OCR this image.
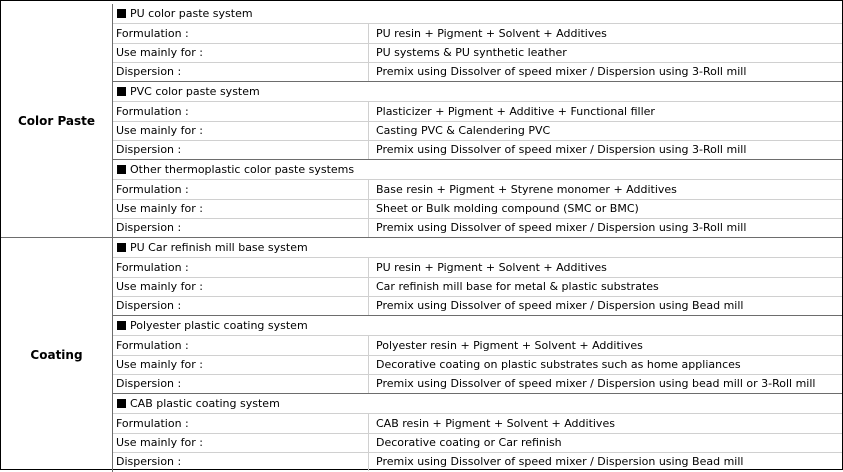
Color Paste
PU color paste system
Formulation :	PU resin + Pigment + Solvent + Additives
Use mainly for :	PU systems & PU synthetic leather
Dispersion :	Premix using Dissolver of speed mixer / Dispersion using 3-Roll mill
PVC color paste system
Formulation :	Plasticizer + Pigment + Additive + Functional filler
Use mainly for :	Casting PVC & Calendering PVC
Dispersion :	Premix using Dissolver of speed mixer / Dispersion using 3-Roll mill
Other thermoplastic color paste systems
Formulation :	Base resin + Pigment + Styrene monomer + Additives
Use mainly for :	Sheet or Bulk molding compound (SMC or BMC)
Dispersion :	Premix using Dissolver of speed mixer / Dispersion using 3-Roll mill
Coating
PU Car refinish mill base system
Formulation :	PU resin + Pigment + Solvent + Additives
Use mainly for :	Car refinish mill base for metal & plastic substrates
Dispersion :	Premix using Dissolver of speed mixer / Dispersion using Bead mill
Polyester plastic coating system
Formulation :	Polyester resin + Pigment + Solvent + Additives
Use mainly for :	Decorative coating on plastic substrates such as home appliances
Dispersion :	Premix using Dissolver of speed mixer / Dispersion using bead mill or 3-Roll mill
CAB plastic coating system
Formulation :	CAB resin + Pigment + Solvent + Additives
Use mainly for :	Decorative coating or Car refinish
Dispersion :	Premix using Dissolver of speed mixer / Dispersion using Bead mill
